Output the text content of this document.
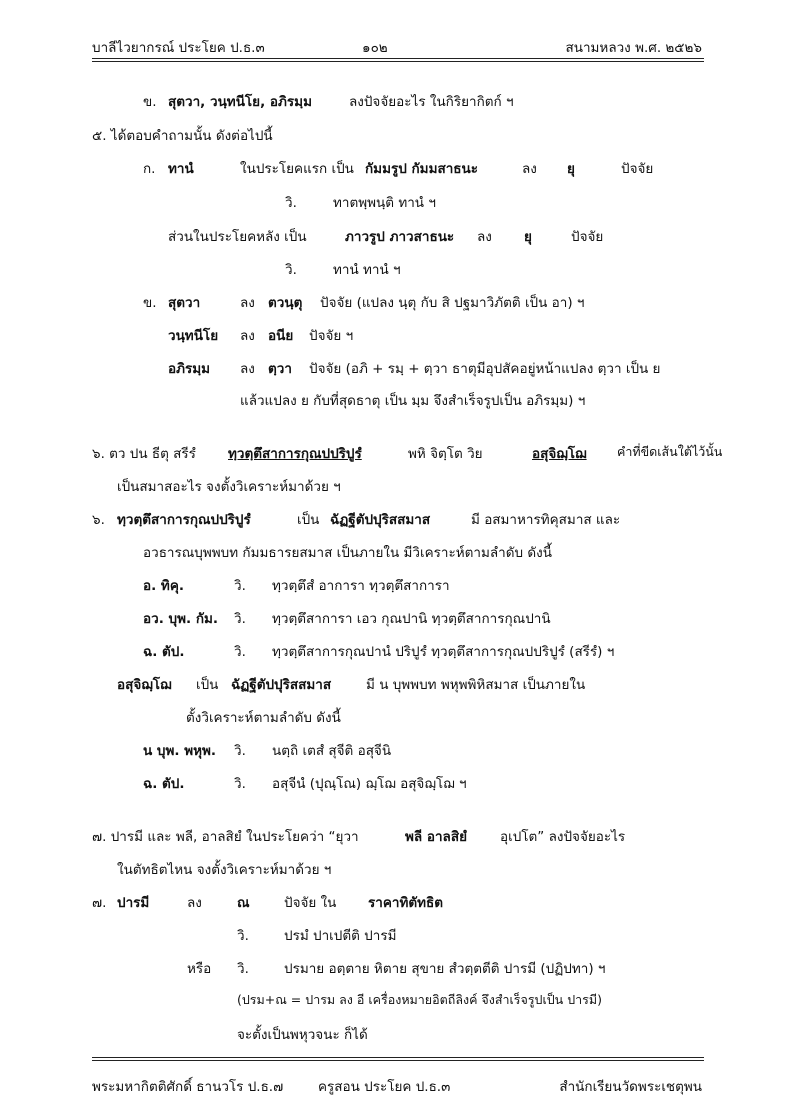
บาลีไวยากรณ์ ประโยค ป.ธ.๓	๑๐๒	สนามหลวง พ.ศ. ๒๕๒๖
ข. สุตวา, วนฺทนีโย, อภิรมฺม	ลงปัจจัยอะไร ในกิริยากิตก์ ฯ
๕. ได้ตอบคำถามนั้น ดังต่อไปนี้
ก. ทานํ	ในประโยคแรก เป็น กัมมรูป กัมมสาธนะ	ลง ยุ	ปัจจัย
วิ.	ทาตพฺพนฺติ ทานํ ฯ
ส่วนในประโยคหลัง เป็น	ภาวรูป ภาวสาธนะ ลง ยุ	ปัจจัย
วิ.	ทานํ ทานํ ฯ
ข. สุตวา	ลง ตวนฺตุ ปัจจัย (แปลง นฺตุ กับ สิ ปฐมาวิภัตติ เป็น อา) ฯ
วนฺทนีโย ลง อนีย ปัจจัย ฯ
อภิรมฺม ลง ตฺวา ปัจจัย (อภิ + รมฺ + ตฺวา ธาตุมีอุปสัคอยู่หน้าแปลง ตฺวา เป็น ย
แล้วแปลง ย กับที่สุดธาตุ เป็น มฺม จึงสำเร็จรูปเป็น อภิรมฺม) ฯ
๖. ตว ปน ธีตุ สรีรํ ทฺวตฺตึสาการกุณปปริปูรํ	พหิ จิตฺโต วิย	อสุจิฌฺโฌ คำที่ขีดเส้นใต้ไว้นั้น
เป็นสมาสอะไร จงตั้งวิเคราะห์มาด้วย ฯ
๖. ทฺวตฺตึสาการกุณปปริปูรํ	เป็น ฉัฏฐีตัปปุริสสมาส	มี อสมาหารทิคุสมาส และ
อวธารณบุพพบท กัมมธารยสมาส เป็นภายใน มีวิเคราะห์ตามลำดับ ดังนี้
อ. ทิคุ.	วิ. ทฺวตฺตึสํ อาการา ทฺวตฺตึสาการา
อว. บุพ. กัม. วิ. ทฺวตฺตึสาการา เอว กุณปานิ ทฺวตฺตึสาการกุณปานิ
ฉ. ตัป.	วิ. ทฺวตฺตึสาการกุณปานํ ปริปูรํ ทฺวตฺตึสาการกุณปปริปูรํ (สรีรํ) ฯ
อสุจิฌฺโฌ เป็น ฉัฏฐีตัปปุริสสมาส	มี น บุพพบท พหุพพิหิสมาส เป็นภายใน
ตั้งวิเคราะห์ตามลำดับ ดังนี้
น บุพ. พหุพ. วิ. นตฺถิ เตสํ สุจีติ อสุจีนิ
ฉ. ตัป.	วิ. อสุจีนํ (ปุณฺโณ) ฌฺโฌ อสุจิฌฺโฌ ฯ
๗. ปารมี และ พลี, อาลสิยํ ในประโยคว่า “ยุวา	พลี อาลสิยํ อุเปโต” ลงปัจจัยอะไร
ในตัทธิตไหน จงตั้งวิเคราะห์มาด้วย ฯ
๗. ปารมี	ลง	ณ	ปัจจัย ใน ราคาทิตัทธิต
วิ.	ปรมํ ปาเปตีติ ปารมี
หรือ วิ.	ปรมาย อตฺตาย หิตาย สุขาย สํวตฺตตีติ ปารมี (ปฏิปทา) ฯ
(ปรม+ณ = ปารม ลง อี เครื่องหมายอิตถีลิงค์ จึงสำเร็จรูปเป็น ปารมี)
จะตั้งเป็นพหุวจนะ ก็ได้
พระมหากิตติศักดิ์ ธานวโร ป.ธ.๗	ครูสอน ประโยค ป.ธ.๓	สำนักเรียนวัดพระเชตุพน
